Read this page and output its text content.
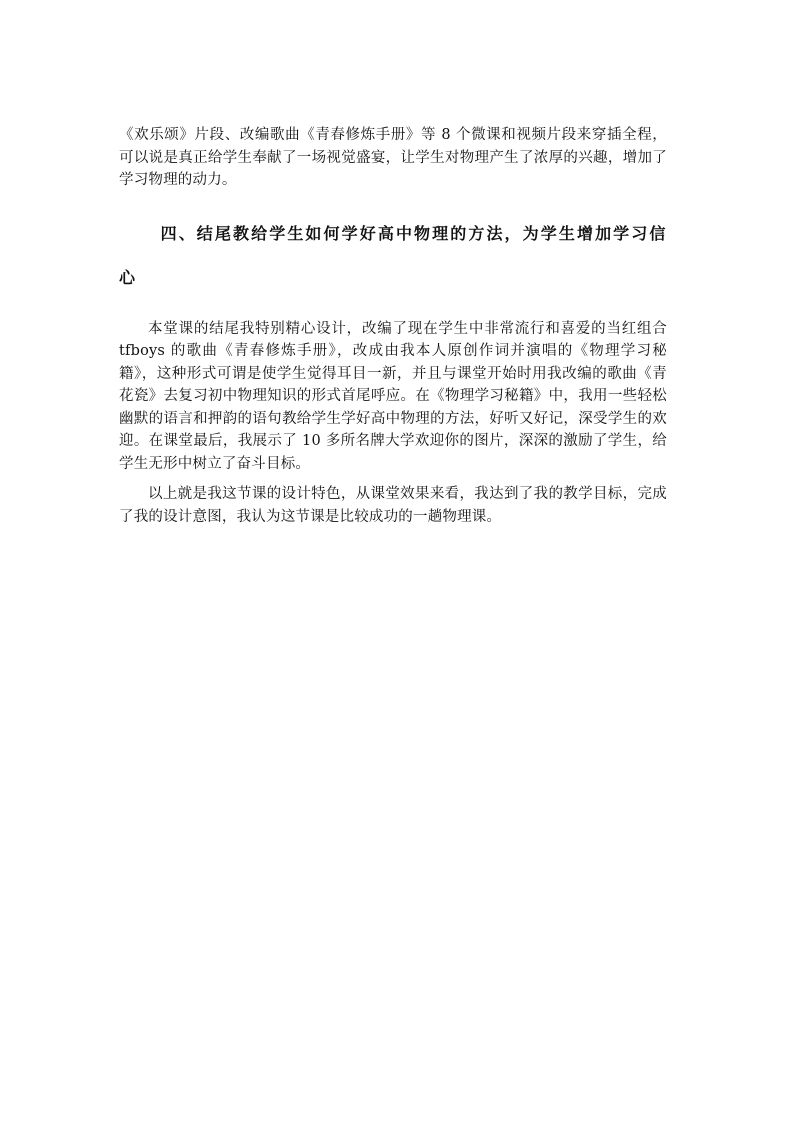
《欢乐颂》片段、改编歌曲《青春修炼手册》等 8 个微课和视频片段来穿插全程，可以说是真正给学生奉献了一场视觉盛宴，让学生对物理产生了浓厚的兴趣，增加了学习物理的动力。

四、结尾教给学生如何学好高中物理的方法，为学生增加学习信心

本堂课的结尾我特别精心设计，改编了现在学生中非常流行和喜爱的当红组合 tfboys 的歌曲《青春修炼手册》，改成由我本人原创作词并演唱的《物理学习秘籍》，这种形式可谓是使学生觉得耳目一新，并且与课堂开始时用我改编的歌曲《青花瓷》去复习初中物理知识的形式首尾呼应。在《物理学习秘籍》中，我用一些轻松幽默的语言和押韵的语句教给学生学好高中物理的方法，好听又好记，深受学生的欢迎。在课堂最后，我展示了 10 多所名牌大学欢迎你的图片，深深的激励了学生，给学生无形中树立了奋斗目标。

以上就是我这节课的设计特色，从课堂效果来看，我达到了我的教学目标，完成了我的设计意图，我认为这节课是比较成功的一趟物理课。
